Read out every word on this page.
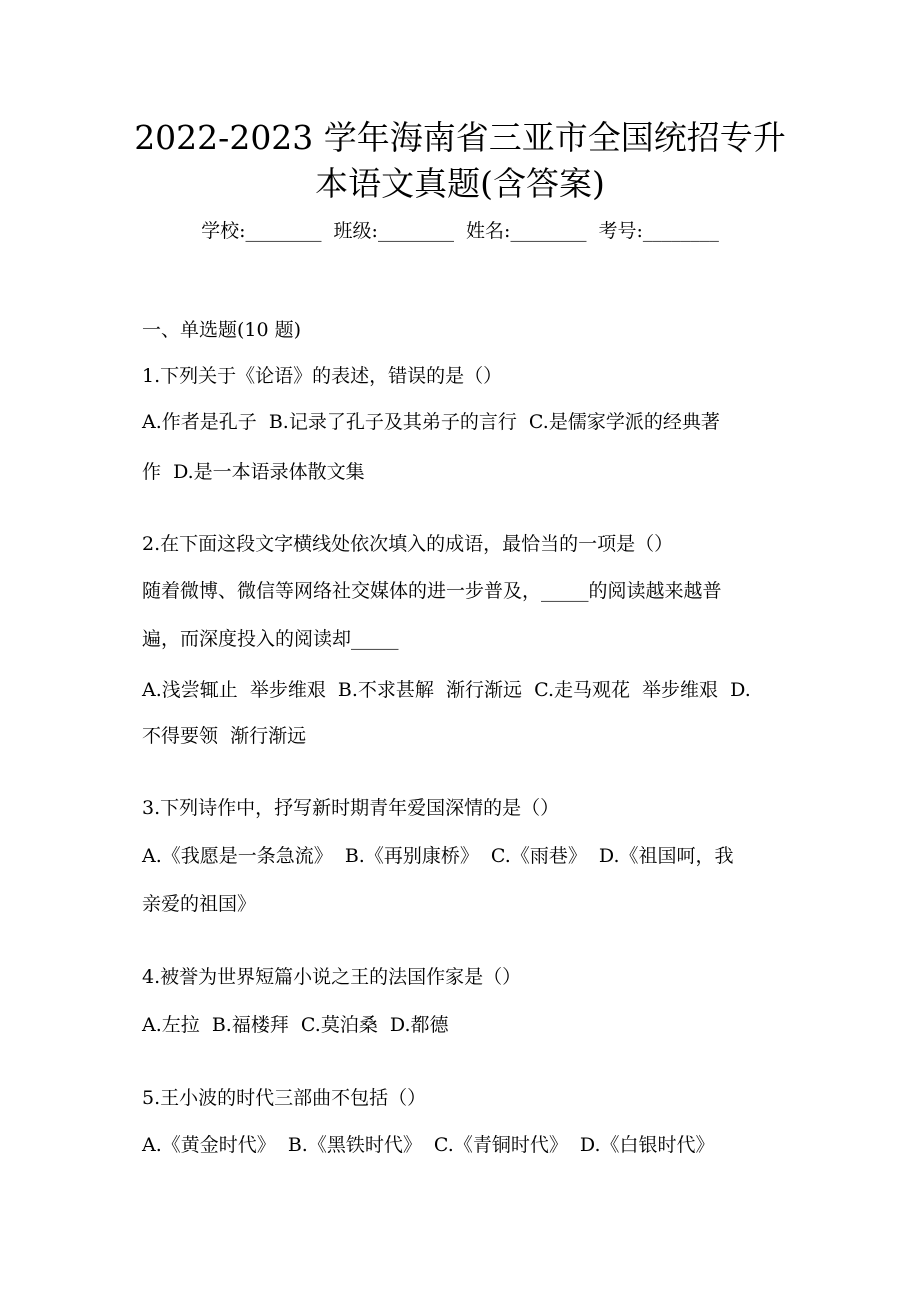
2022-2023 学年海南省三亚市全国统招专升
本语文真题(含答案)
学校:________  班级:________  姓名:________  考号:________
一、单选题(10 题)
1.下列关于《论语》的表述，错误的是（）
A.作者是孔子  B.记录了孔子及其弟子的言行  C.是儒家学派的经典著
作  D.是一本语录体散文集
2.在下面这段文字横线处依次填入的成语，最恰当的一项是（）
随着微博、微信等网络社交媒体的进一步普及，_____的阅读越来越普
遍，而深度投入的阅读却_____
A.浅尝辄止  举步维艰  B.不求甚解  渐行渐远  C.走马观花  举步维艰  D.
不得要领  渐行渐远
3.下列诗作中，抒写新时期青年爱国深情的是（）
A.《我愿是一条急流》  B.《再别康桥》  C.《雨巷》  D.《祖国呵，我
亲爱的祖国》
4.被誉为世界短篇小说之王的法国作家是（）
A.左拉  B.福楼拜  C.莫泊桑  D.都德
5.王小波的时代三部曲不包括（）
A.《黄金时代》  B.《黑铁时代》  C.《青铜时代》  D.《白银时代》
